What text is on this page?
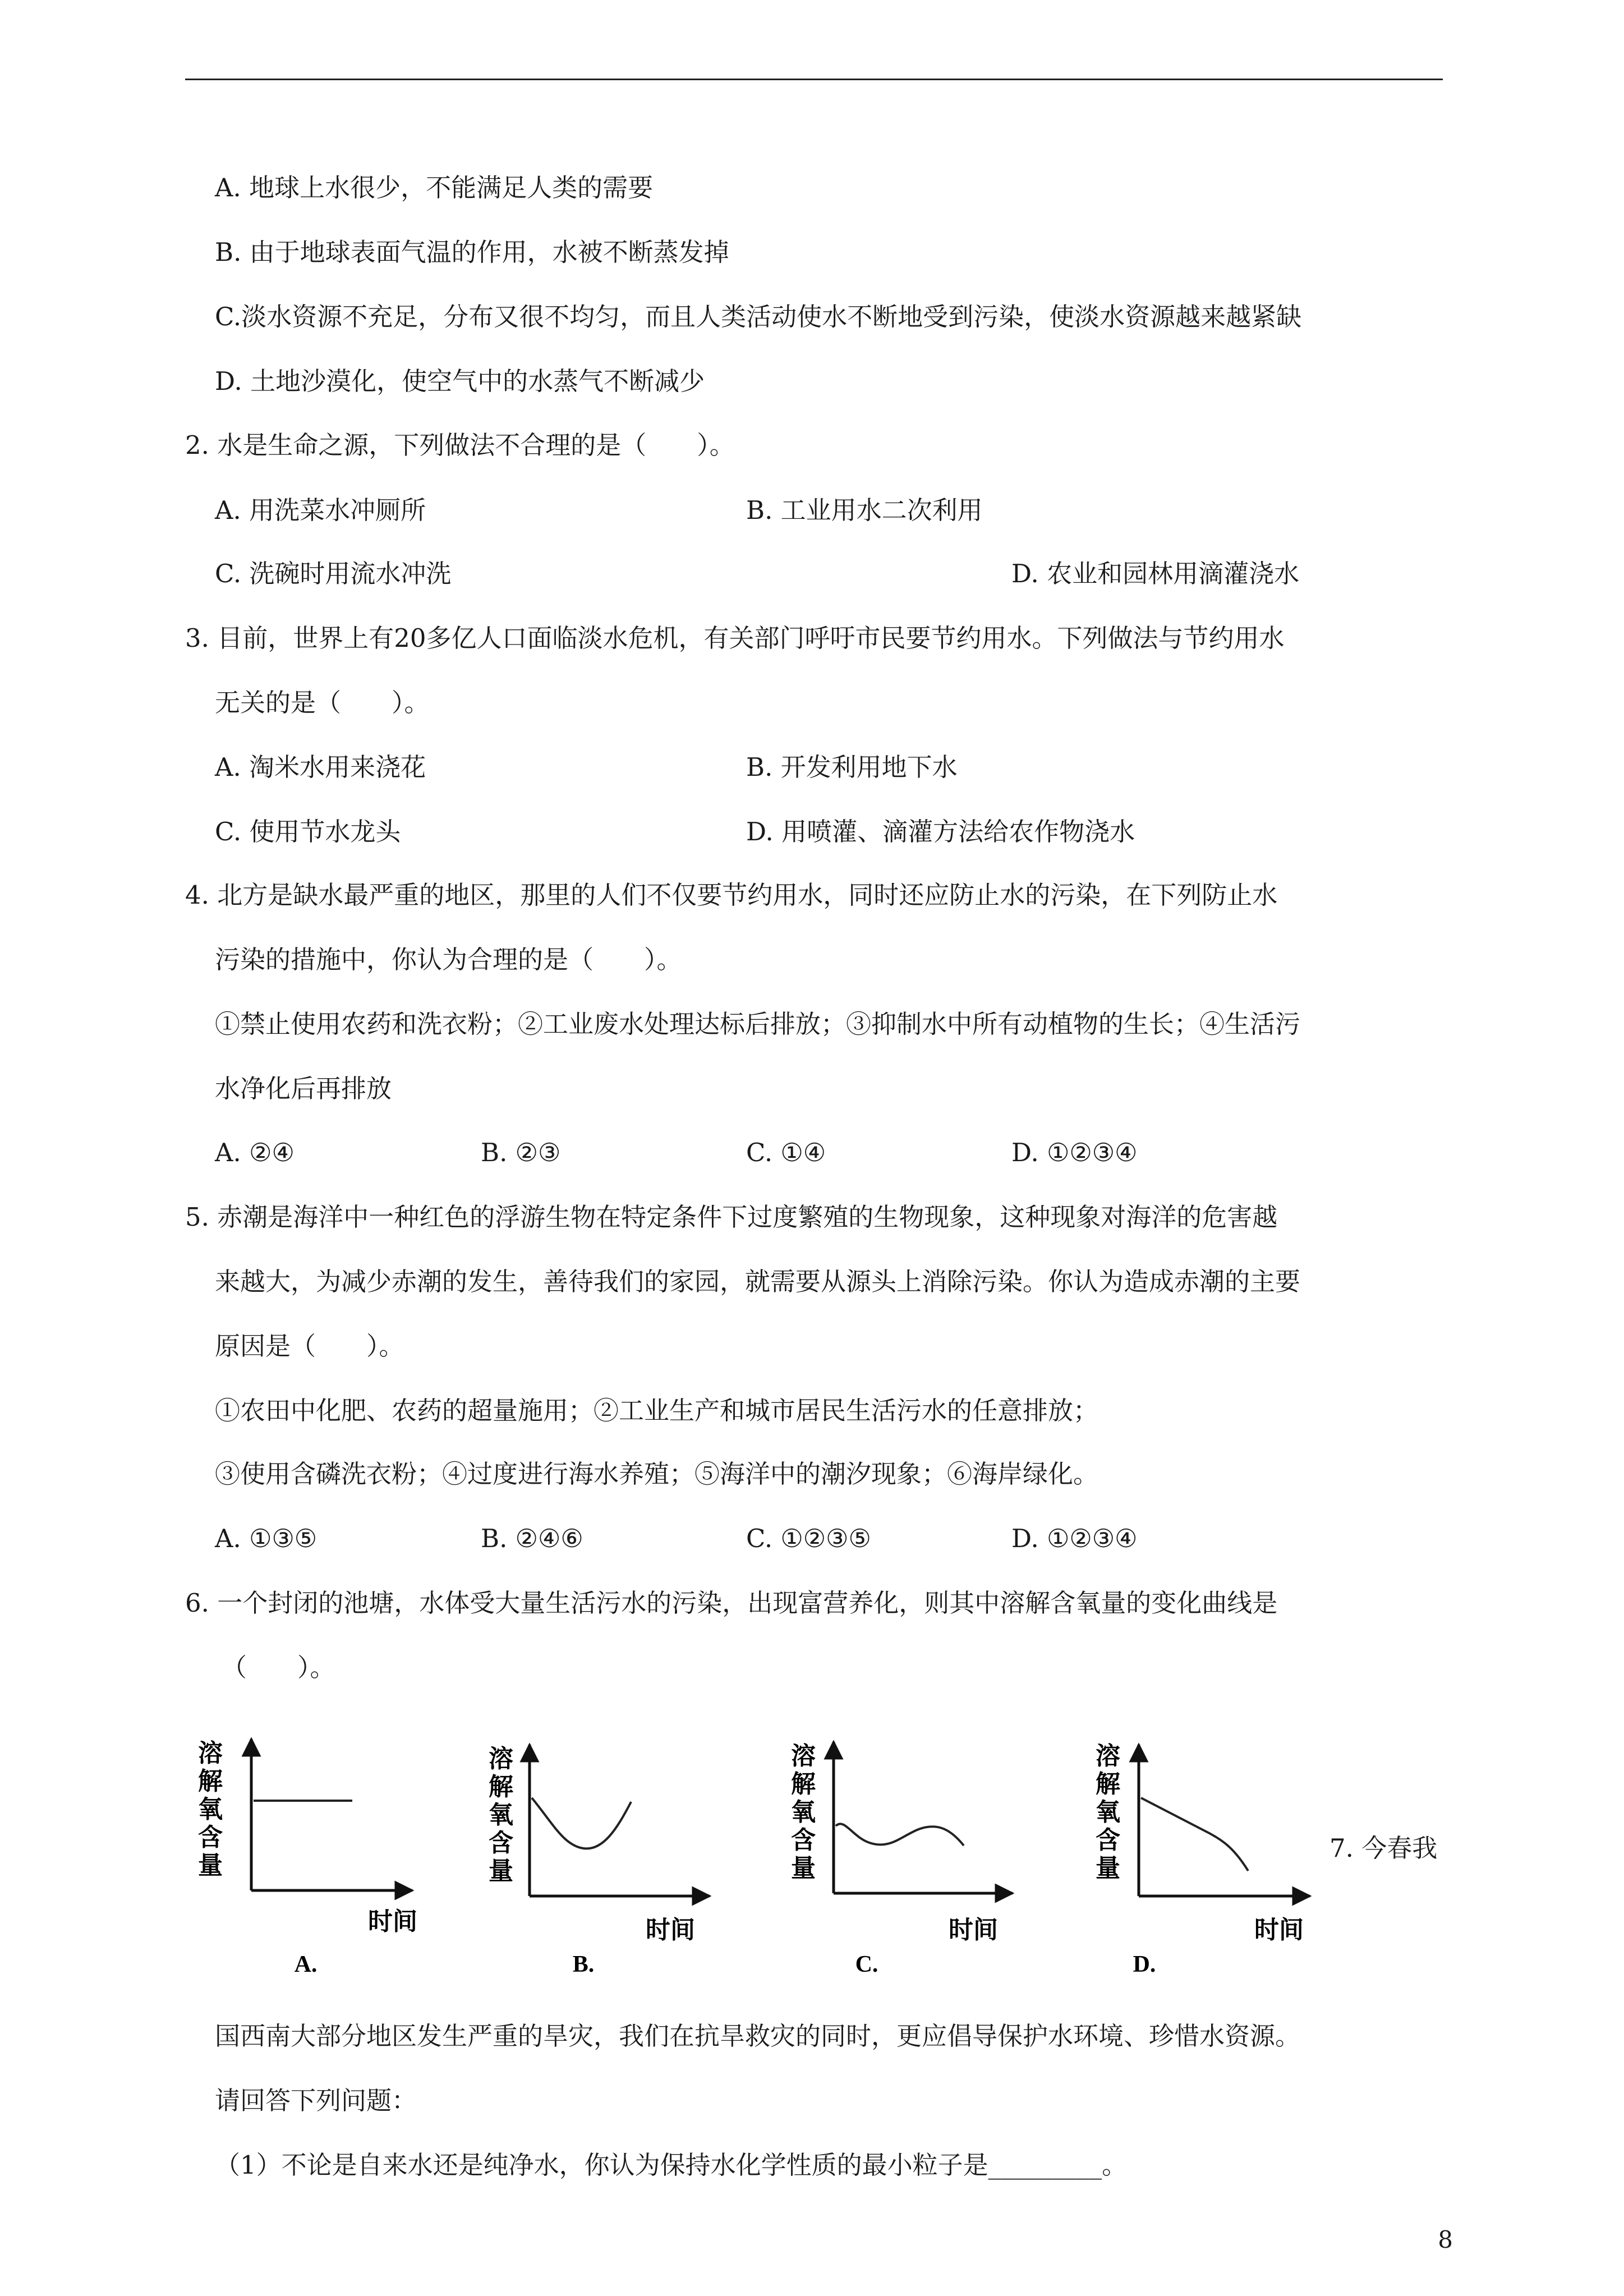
A. 地球上水很少，不能满足人类的需要
B. 由于地球表面气温的作用，水被不断蒸发掉
C.淡水资源不充足，分布又很不均匀，而且人类活动使水不断地受到污染，使淡水资源越来越紧缺
D. 土地沙漠化，使空气中的水蒸气不断减少
2. 水是生命之源，下列做法不合理的是（　　）。
A. 用洗菜水冲厕所	B. 工业用水二次利用
C. 洗碗时用流水冲洗	D. 农业和园林用滴灌浇水
3. 目前，世界上有20多亿人口面临淡水危机，有关部门呼吁市民要节约用水。下列做法与节约用水
无关的是（　　）。
A. 淘米水用来浇花	B. 开发利用地下水
C. 使用节水龙头	D. 用喷灌、滴灌方法给农作物浇水
4. 北方是缺水最严重的地区，那里的人们不仅要节约用水，同时还应防止水的污染，在下列防止水
污染的措施中，你认为合理的是（　　）。
①禁止使用农药和洗衣粉；②工业废水处理达标后排放；③抑制水中所有动植物的生长；④生活污
水净化后再排放
A. ②④	B. ②③	C. ①④	D. ①②③④
5. 赤潮是海洋中一种红色的浮游生物在特定条件下过度繁殖的生物现象，这种现象对海洋的危害越
来越大，为减少赤潮的发生，善待我们的家园，就需要从源头上消除污染。你认为造成赤潮的主要
原因是（　　）。
①农田中化肥、农药的超量施用；②工业生产和城市居民生活污水的任意排放；
③使用含磷洗衣粉；④过度进行海水养殖；⑤海洋中的潮汐现象；⑥海岸绿化。
A. ①③⑤	B. ②④⑥	C. ①②③⑤	D. ①②③④
6. 一个封闭的池塘，水体受大量生活污水的污染，出现富营养化，则其中溶解含氧量的变化曲线是
（　　）。
溶
解
氧
含
量
时间
A.
溶
解
氧
含
量
时间
B.
溶
解
氧
含
量
时间
C.
溶
解
氧
含
量
时间
D.
7. 今春我
国西南大部分地区发生严重的旱灾，我们在抗旱救灾的同时，更应倡导保护水环境、珍惜水资源。
请回答下列问题：
（1）不论是自来水还是纯净水，你认为保持水化学性质的最小粒子是_________。
8
